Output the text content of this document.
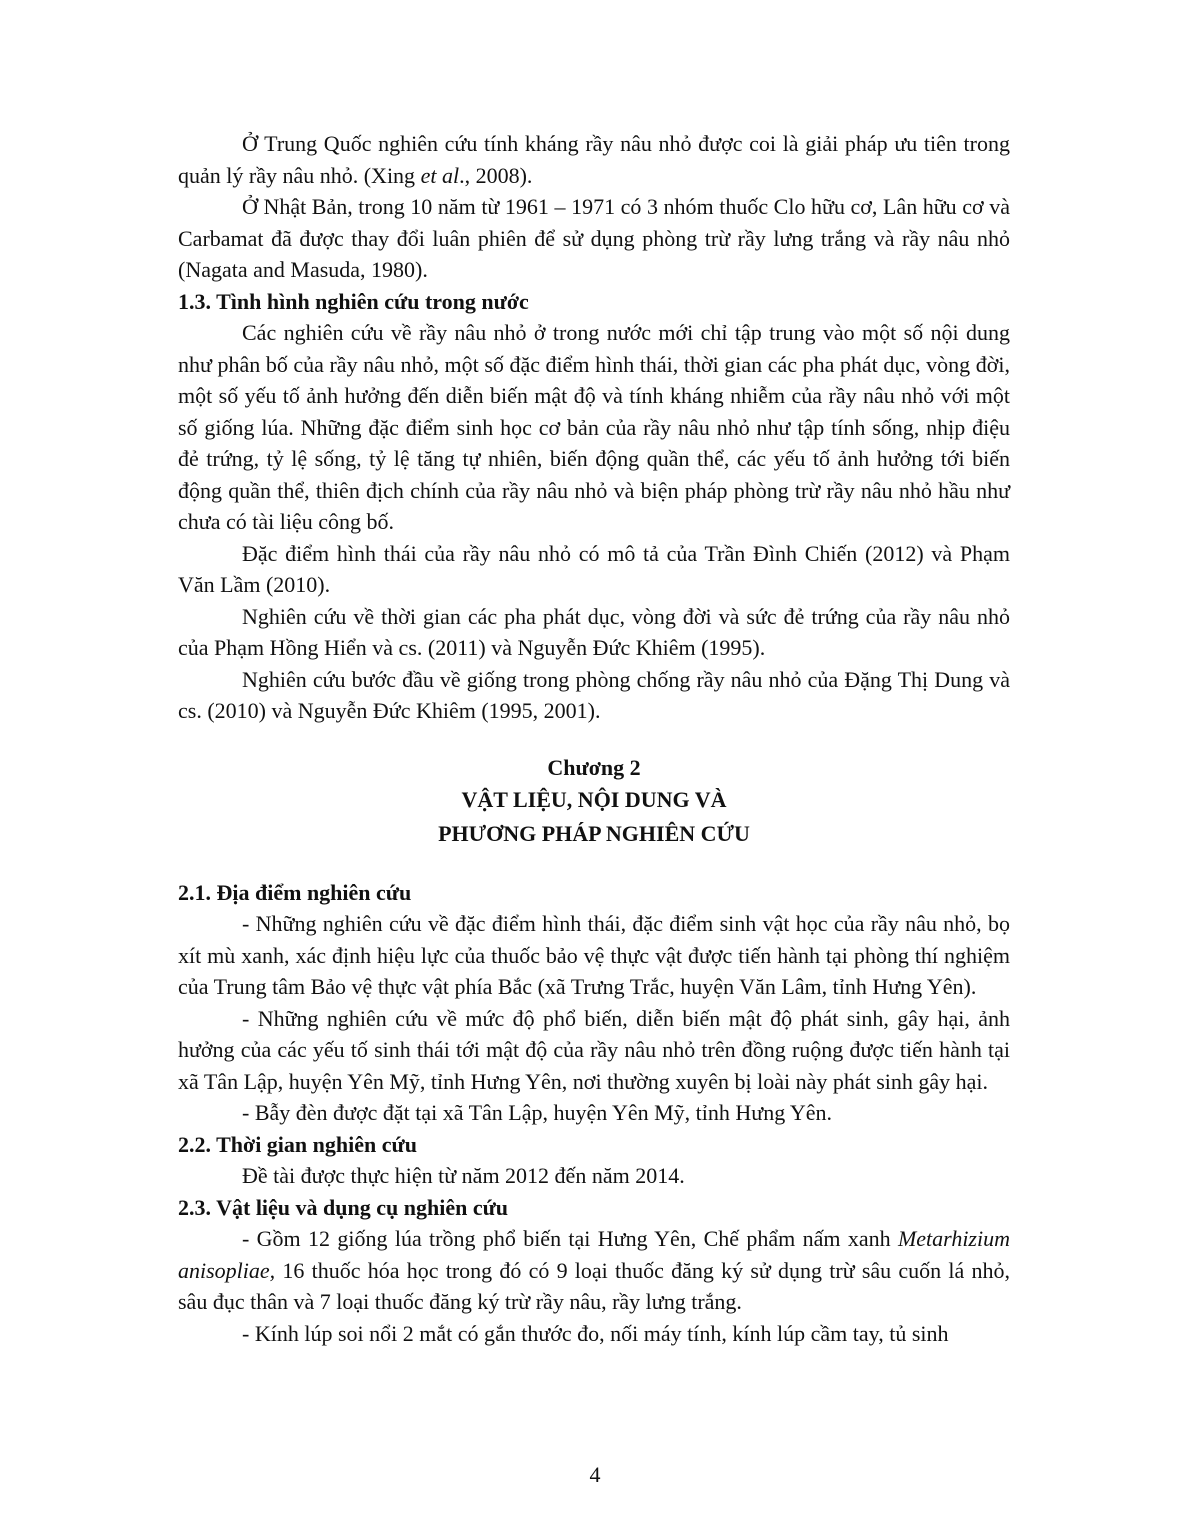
Ở Trung Quốc nghiên cứu tính kháng rầy nâu nhỏ được coi là giải pháp ưu tiên trong quản lý rầy nâu nhỏ. (Xing et al., 2008).

Ở Nhật Bản, trong 10 năm từ 1961 – 1971 có 3 nhóm thuốc Clo hữu cơ, Lân hữu cơ và Carbamat đã được thay đổi luân phiên để sử dụng phòng trừ rầy lưng trắng và rầy nâu nhỏ (Nagata and Masuda, 1980).

1.3. Tình hình nghiên cứu trong nước

Các nghiên cứu về rầy nâu nhỏ ở trong nước mới chỉ tập trung vào một số nội dung như phân bố của rầy nâu nhỏ, một số đặc điểm hình thái, thời gian các pha phát dục, vòng đời, một số yếu tố ảnh hưởng đến diễn biến mật độ và tính kháng nhiễm của rầy nâu nhỏ với một số giống lúa. Những đặc điểm sinh học cơ bản của rầy nâu nhỏ như tập tính sống, nhịp điệu đẻ trứng, tỷ lệ sống, tỷ lệ tăng tự nhiên, biến động quần thể, các yếu tố ảnh hưởng tới biến động quần thể, thiên địch chính của rầy nâu nhỏ và biện pháp phòng trừ rầy nâu nhỏ hầu như chưa có tài liệu công bố.

Đặc điểm hình thái của rầy nâu nhỏ có mô tả của Trần Đình Chiến (2012) và Phạm Văn Lầm (2010).

Nghiên cứu về thời gian các pha phát dục, vòng đời và sức đẻ trứng của rầy nâu nhỏ của Phạm Hồng Hiển và cs. (2011) và Nguyễn Đức Khiêm (1995).

Nghiên cứu bước đầu về giống trong phòng chống rầy nâu nhỏ của Đặng Thị Dung và cs. (2010) và Nguyễn Đức Khiêm (1995, 2001).

Chương 2
VẬT LIỆU, NỘI DUNG VÀ
PHƯƠNG PHÁP NGHIÊN CỨU
2.1. Địa điểm nghiên cứu

- Những nghiên cứu về đặc điểm hình thái, đặc điểm sinh vật học của rầy nâu nhỏ, bọ xít mù xanh, xác định hiệu lực của thuốc bảo vệ thực vật được tiến hành tại phòng thí nghiệm của Trung tâm Bảo vệ thực vật phía Bắc (xã Trưng Trắc, huyện Văn Lâm, tỉnh Hưng Yên).

- Những nghiên cứu về mức độ phổ biến, diễn biến mật độ phát sinh, gây hại, ảnh hưởng của các yếu tố sinh thái tới mật độ của rầy nâu nhỏ trên đồng ruộng được tiến hành tại xã Tân Lập, huyện Yên Mỹ, tỉnh Hưng Yên, nơi thường xuyên bị loài này phát sinh gây hại.

- Bẫy đèn được đặt tại xã Tân Lập, huyện Yên Mỹ, tỉnh Hưng Yên.

2.2. Thời gian nghiên cứu

Đề tài được thực hiện từ năm 2012 đến năm 2014.

2.3. Vật liệu và dụng cụ nghiên cứu

- Gồm 12 giống lúa trồng phổ biến tại Hưng Yên, Chế phẩm nấm xanh Metarhizium anisopliae, 16 thuốc hóa học trong đó có 9 loại thuốc đăng ký sử dụng trừ sâu cuốn lá nhỏ, sâu đục thân và 7 loại thuốc đăng ký trừ rầy nâu, rầy lưng trắng.

- Kính lúp soi nổi 2 mắt có gắn thước đo, nối máy tính, kính lúp cầm tay, tủ sinh

4
